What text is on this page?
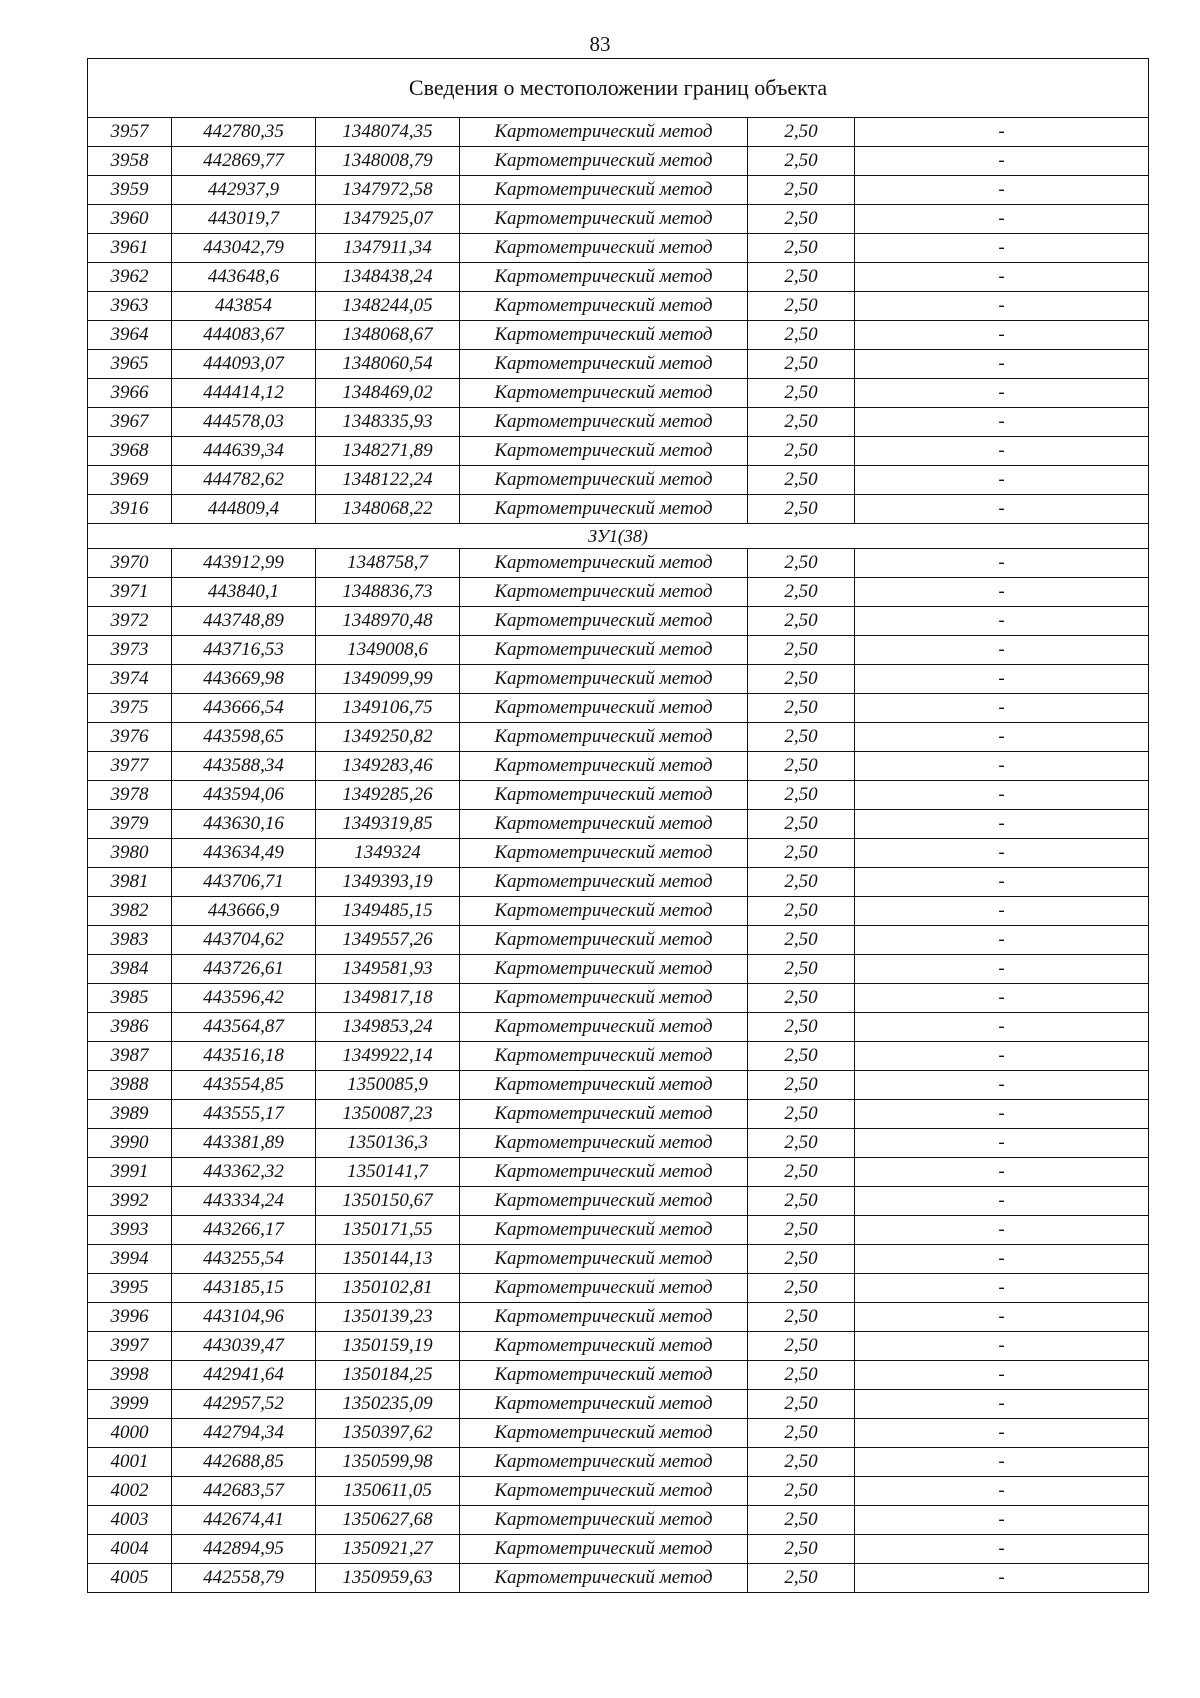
83
Сведения о местоположении границ объекта					
3957	442780,35	1348074,35	Картометрический метод	2,50	-
3958	442869,77	1348008,79	Картометрический метод	2,50	-
3959	442937,9	1347972,58	Картометрический метод	2,50	-
3960	443019,7	1347925,07	Картометрический метод	2,50	-
3961	443042,79	1347911,34	Картометрический метод	2,50	-
3962	443648,6	1348438,24	Картометрический метод	2,50	-
3963	443854	1348244,05	Картометрический метод	2,50	-
3964	444083,67	1348068,67	Картометрический метод	2,50	-
3965	444093,07	1348060,54	Картометрический метод	2,50	-
3966	444414,12	1348469,02	Картометрический метод	2,50	-
3967	444578,03	1348335,93	Картометрический метод	2,50	-
3968	444639,34	1348271,89	Картометрический метод	2,50	-
3969	444782,62	1348122,24	Картометрический метод	2,50	-
3916	444809,4	1348068,22	Картометрический метод	2,50	-
ЗУ1(38)					
3970	443912,99	1348758,7	Картометрический метод	2,50	-
3971	443840,1	1348836,73	Картометрический метод	2,50	-
3972	443748,89	1348970,48	Картометрический метод	2,50	-
3973	443716,53	1349008,6	Картометрический метод	2,50	-
3974	443669,98	1349099,99	Картометрический метод	2,50	-
3975	443666,54	1349106,75	Картометрический метод	2,50	-
3976	443598,65	1349250,82	Картометрический метод	2,50	-
3977	443588,34	1349283,46	Картометрический метод	2,50	-
3978	443594,06	1349285,26	Картометрический метод	2,50	-
3979	443630,16	1349319,85	Картометрический метод	2,50	-
3980	443634,49	1349324	Картометрический метод	2,50	-
3981	443706,71	1349393,19	Картометрический метод	2,50	-
3982	443666,9	1349485,15	Картометрический метод	2,50	-
3983	443704,62	1349557,26	Картометрический метод	2,50	-
3984	443726,61	1349581,93	Картометрический метод	2,50	-
3985	443596,42	1349817,18	Картометрический метод	2,50	-
3986	443564,87	1349853,24	Картометрический метод	2,50	-
3987	443516,18	1349922,14	Картометрический метод	2,50	-
3988	443554,85	1350085,9	Картометрический метод	2,50	-
3989	443555,17	1350087,23	Картометрический метод	2,50	-
3990	443381,89	1350136,3	Картометрический метод	2,50	-
3991	443362,32	1350141,7	Картометрический метод	2,50	-
3992	443334,24	1350150,67	Картометрический метод	2,50	-
3993	443266,17	1350171,55	Картометрический метод	2,50	-
3994	443255,54	1350144,13	Картометрический метод	2,50	-
3995	443185,15	1350102,81	Картометрический метод	2,50	-
3996	443104,96	1350139,23	Картометрический метод	2,50	-
3997	443039,47	1350159,19	Картометрический метод	2,50	-
3998	442941,64	1350184,25	Картометрический метод	2,50	-
3999	442957,52	1350235,09	Картометрический метод	2,50	-
4000	442794,34	1350397,62	Картометрический метод	2,50	-
4001	442688,85	1350599,98	Картометрический метод	2,50	-
4002	442683,57	1350611,05	Картометрический метод	2,50	-
4003	442674,41	1350627,68	Картометрический метод	2,50	-
4004	442894,95	1350921,27	Картометрический метод	2,50	-
4005	442558,79	1350959,63	Картометрический метод	2,50	-
